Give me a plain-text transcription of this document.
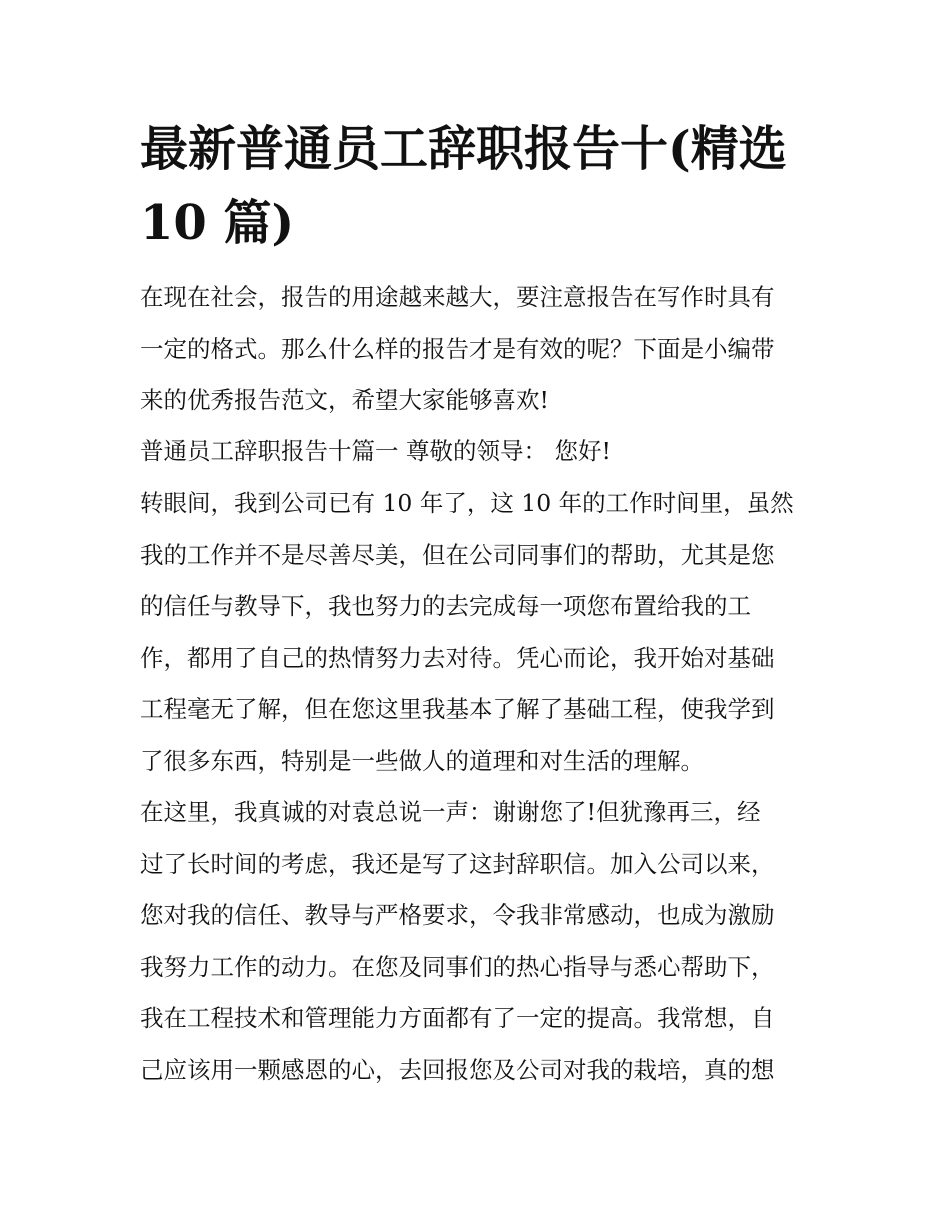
最新普通员工辞职报告十(精选
10 篇)
在现在社会，报告的用途越来越大，要注意报告在写作时具有
一定的格式。那么什么样的报告才是有效的呢？下面是小编带
来的优秀报告范文，希望大家能够喜欢!
普通员工辞职报告十篇一 尊敬的领导： 您好!
转眼间，我到公司已有 10 年了，这 10 年的工作时间里，虽然
我的工作并不是尽善尽美，但在公司同事们的帮助，尤其是您
的信任与教导下，我也努力的去完成每一项您布置给我的工
作，都用了自己的热情努力去对待。凭心而论，我开始对基础
工程毫无了解，但在您这里我基本了解了基础工程，使我学到
了很多东西，特别是一些做人的道理和对生活的理解。
在这里，我真诚的对袁总说一声：谢谢您了!但犹豫再三，经
过了长时间的考虑，我还是写了这封辞职信。加入公司以来，
您对我的信任、教导与严格要求，令我非常感动，也成为激励
我努力工作的动力。在您及同事们的热心指导与悉心帮助下，
我在工程技术和管理能力方面都有了一定的提高。我常想，自
己应该用一颗感恩的心，去回报您及公司对我的栽培，真的想
